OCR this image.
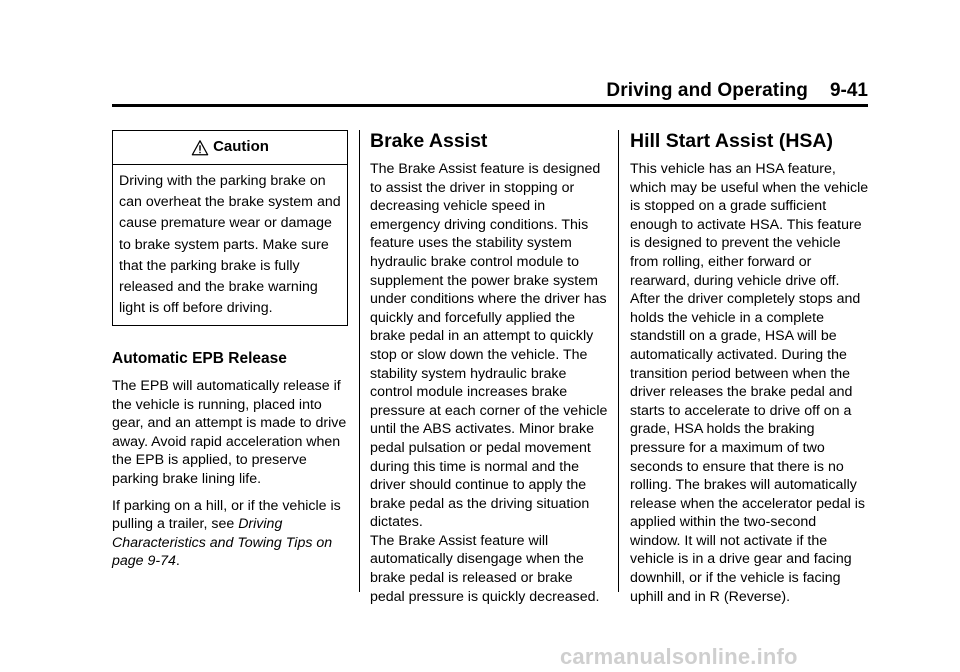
Driving and Operating 9-41
Caution
Driving with the parking brake on can overheat the brake system and cause premature wear or damage to brake system parts. Make sure that the parking brake is fully released and the brake warning light is off before driving.
Automatic EPB Release

The EPB will automatically release if the vehicle is running, placed into gear, and an attempt is made to drive away. Avoid rapid acceleration when the EPB is applied, to preserve parking brake lining life.

If parking on a hill, or if the vehicle is pulling a trailer, see Driving Characteristics and Towing Tips on page 9-74.

Brake Assist

The Brake Assist feature is designed to assist the driver in stopping or decreasing vehicle speed in emergency driving conditions. This feature uses the stability system hydraulic brake control module to supplement the power brake system under conditions where the driver has quickly and forcefully applied the brake pedal in an attempt to quickly stop or slow down the vehicle. The stability system hydraulic brake control module increases brake pressure at each corner of the vehicle until the ABS activates. Minor brake pedal pulsation or pedal movement during this time is normal and the driver should continue to apply the brake pedal as the driving situation dictates.

The Brake Assist feature will automatically disengage when the brake pedal is released or brake pedal pressure is quickly decreased.

Hill Start Assist (HSA)

This vehicle has an HSA feature, which may be useful when the vehicle is stopped on a grade sufficient enough to activate HSA. This feature is designed to prevent the vehicle from rolling, either forward or rearward, during vehicle drive off. After the driver completely stops and holds the vehicle in a complete standstill on a grade, HSA will be automatically activated. During the transition period between when the driver releases the brake pedal and starts to accelerate to drive off on a grade, HSA holds the braking pressure for a maximum of two seconds to ensure that there is no rolling. The brakes will automatically release when the accelerator pedal is applied within the two-second window. It will not activate if the vehicle is in a drive gear and facing downhill, or if the vehicle is facing uphill and in R (Reverse).

carmanualsonline.info
